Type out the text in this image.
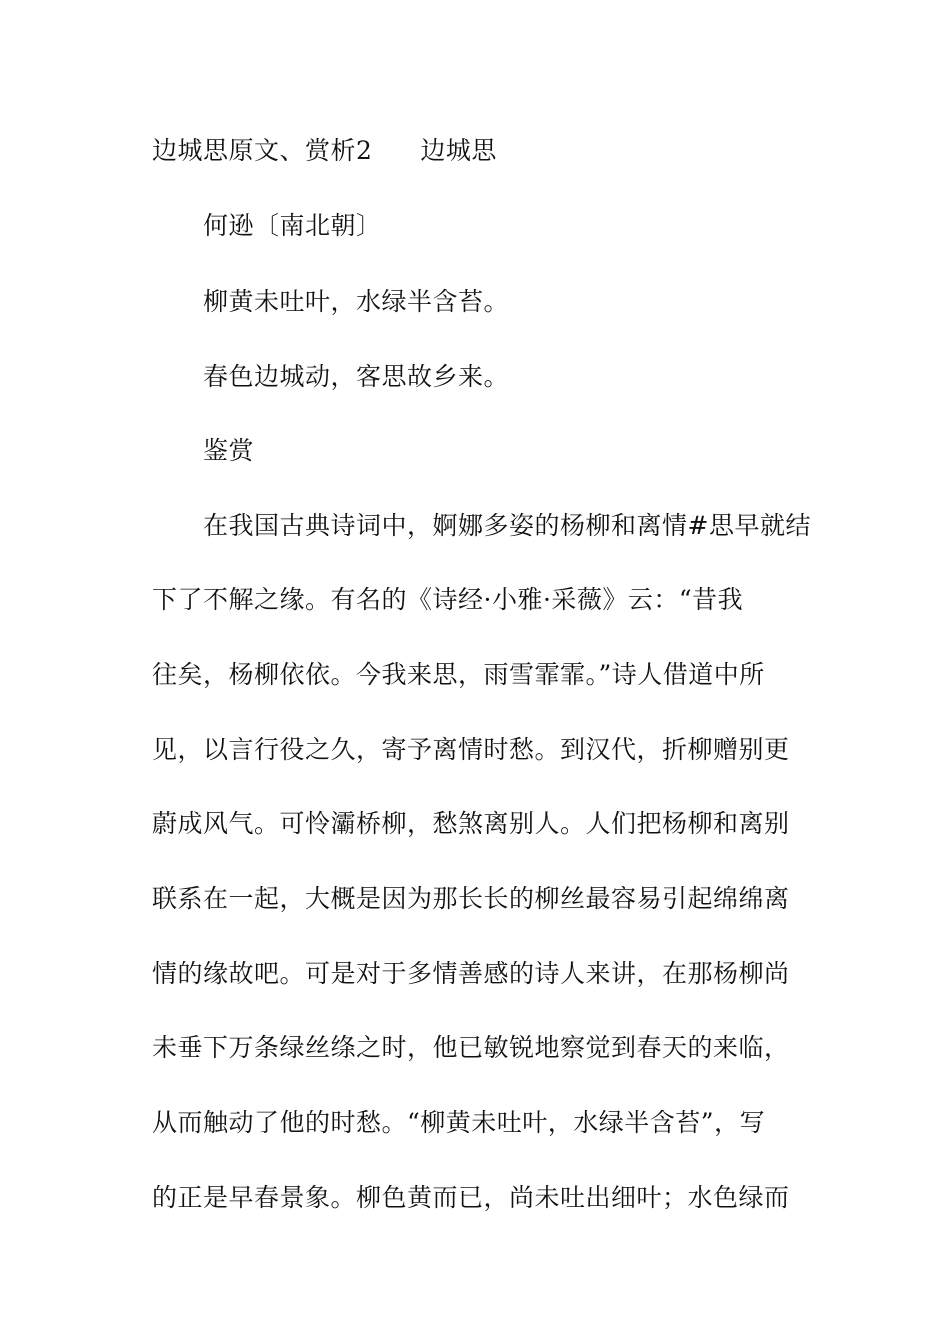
边城思原文、赏析2 边城思
何逊〔南北朝〕
柳黄未吐叶，水绿半含苔。
春色边城动，客思故乡来。
鉴赏
在我国古典诗词中，婀娜多姿的杨柳和离情#思早就结
下了不解之缘。有名的《诗经·小雅·采薇》云：“昔我
往矣，杨柳依依。今我来思，雨雪霏霏。”诗人借道中所
见，以言行役之久，寄予离情时愁。到汉代，折柳赠别更
蔚成风气。可怜灞桥柳，愁煞离别人。人们把杨柳和离别
联系在一起，大概是因为那长长的柳丝最容易引起绵绵离
情的缘故吧。可是对于多情善感的诗人来讲，在那杨柳尚
未垂下万条绿丝绦之时，他已敏锐地察觉到春天的来临，
从而触动了他的时愁。“柳黄未吐叶，水绿半含苔”，写
的正是早春景象。柳色黄而已，尚未吐出细叶；水色绿而
